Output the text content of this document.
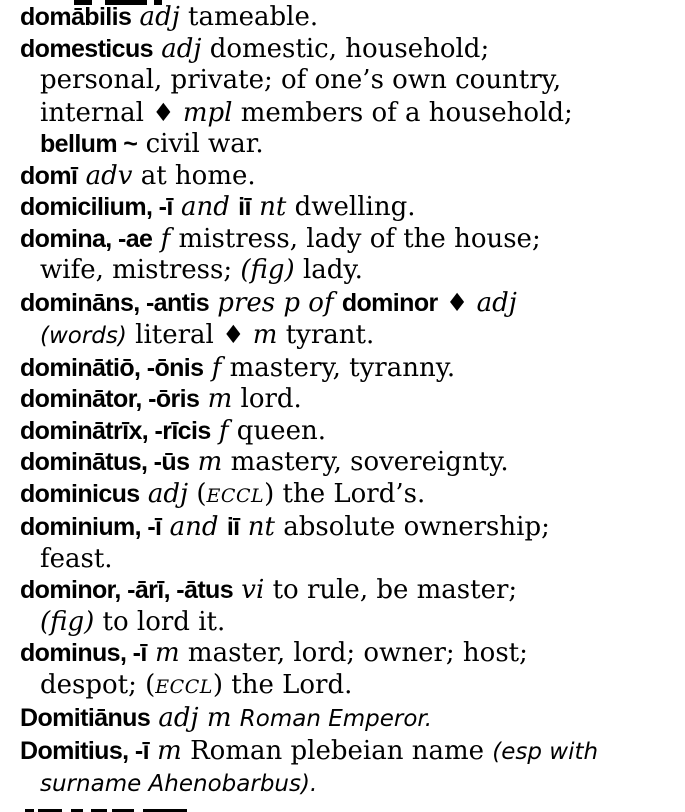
domābilis adj tameable.
domesticus adj domestic, household;
personal, private; of one’s own country,
internal ♦ mpl members of a household;
bellum ~ civil war.
domī adv at home.
domicilium, -ī and iī nt dwelling.
domina, -ae f mistress, lady of the house;
wife, mistress; (fig) lady.
domināns, -antis pres p of dominor ♦ adj
(words) literal ♦ m tyrant.
dominātiō, -ōnis f mastery, tyranny.
dominātor, -ōris m lord.
dominātrīx, -rīcis f queen.
dominātus, -ūs m mastery, sovereignty.
dominicus adj (ECCL) the Lord’s.
dominium, -ī and iī nt absolute ownership;
feast.
dominor, -ārī, -ātus vi to rule, be master;
(fig) to lord it.
dominus, -ī m master, lord; owner; host;
despot; (ECCL) the Lord.
Domitiānus adj m Roman Emperor.
Domitius, -ī m Roman plebeian name (esp with
surname Ahenobarbus).
